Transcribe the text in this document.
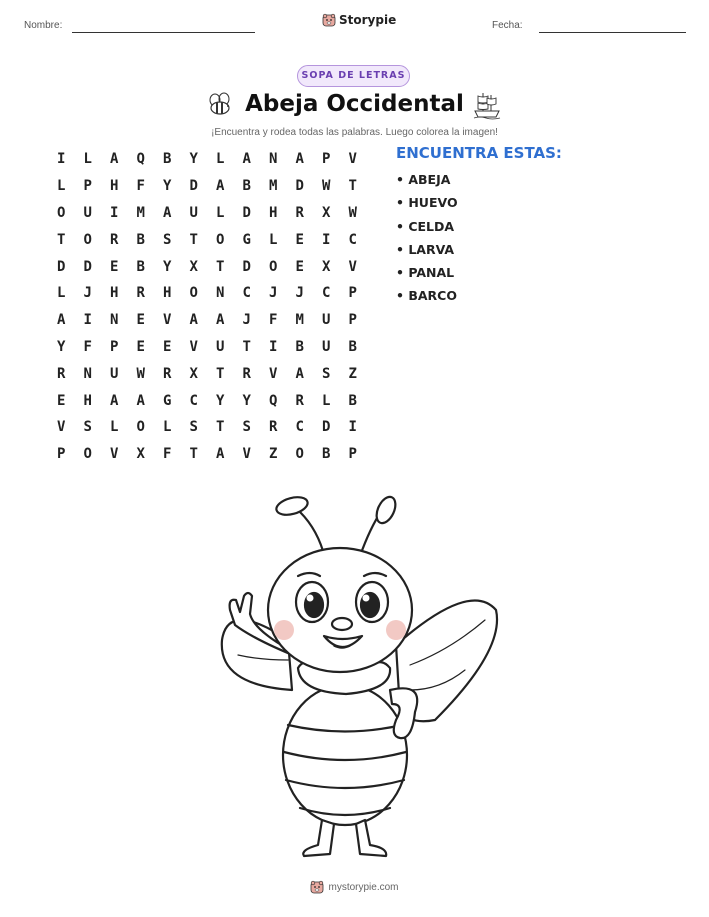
Nombre:	Storypie	Fecha:
SOPA DE LETRAS
Abeja Occidental
¡Encuentra y rodea todas las palabras. Luego colorea la imagen!
I	L	A	Q	B	Y	L	A	N	A	P	V
L	P	H	F	Y	D	A	B	M	D	W	T
O	U	I	M	A	U	L	D	H	R	X	W
T	O	R	B	S	T	O	G	L	E	I	C
D	D	E	B	Y	X	T	D	O	E	X	V
L	J	H	R	H	O	N	C	J	J	C	P
A	I	N	E	V	A	A	J	F	M	U	P
Y	F	P	E	E	V	U	T	I	B	U	B
R	N	U	W	R	X	T	R	V	A	S	Z
E	H	A	A	G	C	Y	Y	Q	R	L	B
V	S	L	O	L	S	T	S	R	C	D	I
P	O	V	X	F	T	A	V	Z	O	B	P
ENCUENTRA ESTAS:
• ABEJA
• HUEVO
• CELDA
• LARVA
• PANAL
• BARCO
mystorypie.com
